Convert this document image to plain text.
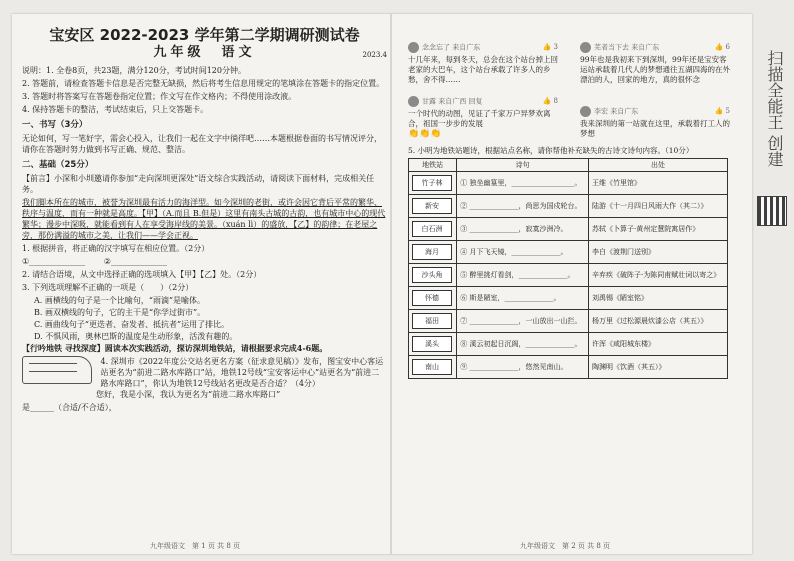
宝安区 2022-2023 学年第二学期调研测试卷
九年级　语文	2023.4

说明：1. 全卷8页，共23题，满分120分，考试时间120分钟。

2. 答题前，请检查答题卡信息是否完整无缺损，然后将考生信息用规定的笔填涂在答题卡的指定位置。

3. 答题时将答案写在答题卷指定位置；作文写在作文格内；不得使用涂改液。

4. 保持答题卡的整洁，考试结束后，只上交答题卡。

一、书写（3分）

无论如何，写一笔好字，需会心投入，让我们一起在文字中徜徉吧……本题根据卷面的书写情况评分，请你在答题时努力做到书写正确、规范、整洁。

二、基础（25分）

【前言】小深和小圳邀请你参加“走向深圳更深处”语文综合实践活动，请阅读下面材料，完成相关任务。

我们脚本所在的城市，被誉为深圳最有活力的海洋型。如今深圳的老街，或许会因它背后平常的繁华、秩序与温度，而有一种就是高度。【甲】（A.而且 B.但是）这里有南头古城的古韵，也有城市中心的现代繁华；漫步中深吸，就能看到有人在享受海岸线的美景。（xuán lì）的盛放，【乙】的韵律；在老屋之旁，那份满溢的城市之美，让我们——学会正视。

1. 根据拼音，将正确的汉字填写在相应位置。（2分）

①______________　　 ②______________

2. 请结合语境，从文中选择正确的选项填入【甲】【乙】处。（2分）

3. 下列选项理解不正确的一项是（　　）（2分）

A. 画横线的句子是一个比喻句，“雨滴”是喻体。

B. 画双横线的句子，它的主干是“你学过街市”。

C. 画曲线句子“更迭者、奋发者、抵抗者”运用了排比。

D. 不惧风雨，奥林巴斯的温度是生动形象，活泼有趣的。

【行吟地铁 寻找深度】圆读本次实践活动，探访深圳地铁站，请根据要求完成4-6题。

4. 深圳市《2022年度公交站名更名方案（征求意见稿）》发布，图宝安中心客运站更名为“前进二路水库路口”站，地铁12号线“宝安客运中心”站更名为“前进二路水库路口”，你认为地铁12号线站名更改是否合适？（4分）

您好，我是小深，我认为更名为“前进二路水库路口”

是______（合适/不合适），

九年级语文　第 1 页 共 8 页
念念忘了 来自广东	👍 3
十几年来，每到冬天，总会在这个站台掉上回老家的大巴车，这个站台承载了许多人的乡愁，舍不得……
芜者当下去 来自广东	👍 6
99年也是我初来下到深圳，99年还是宝安客运站承载着几代人的梦想通往五湖四海的在外漂泊的人，回家的地方，真的很怀念
甘露 来自广西 回复	👍 8
一个时代的动图，见证了千家万户异梦欢离合，祖国一步步的发展
👏👏👏
李宏 来自广东	👍 5
我来深圳的第一站就在这里，承载着打工人的梦想

5. 小明为地铁站题诗，根据站点名称，请你帮他补充缺失的古诗文诗句内容。（10分）

地铁站	诗句	出处
竹子林	① 独坐幽篁里，__________________。	王维《竹里馆》
新安	② ______________，尚思为国戍轮台。	陆游《十一月四日风雨大作（其二）》
白石洲	③ ______________，寂寞沙洲冷。	苏轼《卜算子·黄州定慧院寓居作》
海月	④ 月下飞天镜，______________。	李白《渡荆门送别》
沙头角	⑤ 醉里挑灯看剑，______________。	辛弃疾《破阵子·为陈同甫赋壮词以寄之》
怀德	⑥ 斯是陋室，______________。	刘禹锡《陋室铭》
福田	⑦ ______________，一山放出一山拦。	杨万里《过松源晨炊漆公店（其五）》
溪头	⑧ 溪云初起日沉阁，______________。	许浑《咸阳城东楼》
南山	⑨ ______________，悠然见南山。	陶渊明《饮酒（其五）》
九年级语文　第 2 页 共 8 页
扫描全能王 创建
